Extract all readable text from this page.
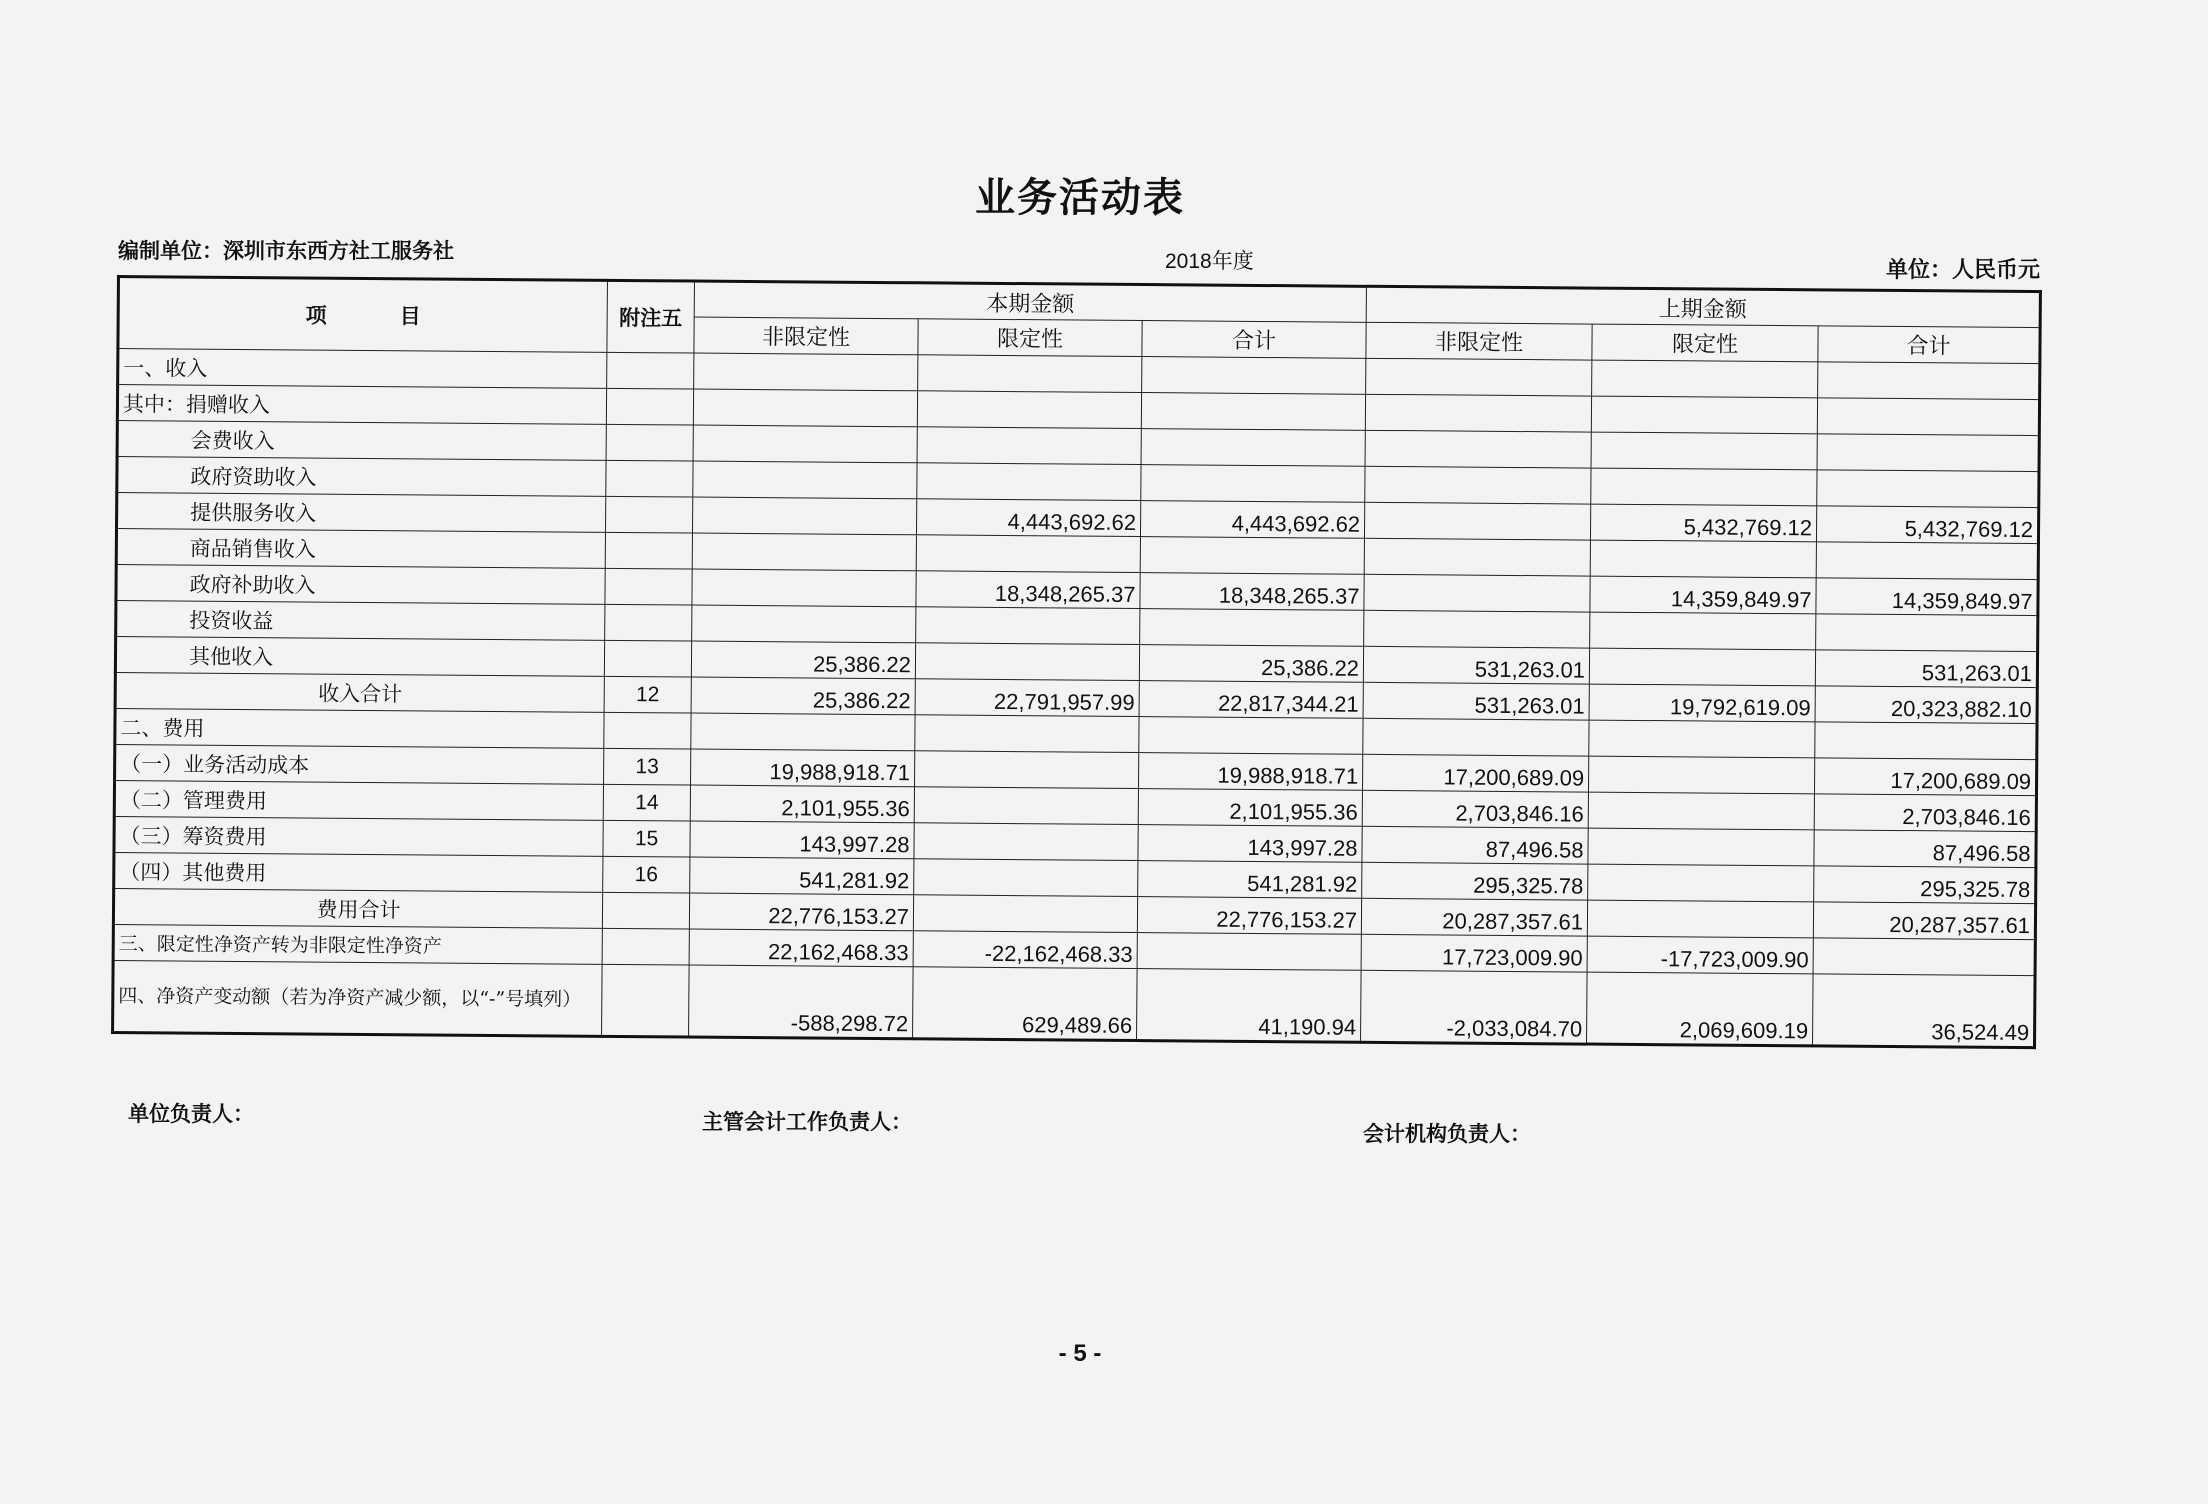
业务活动表
编制单位：深圳市东西方社工服务社	2018年度	单位：人民币元
项          目	附注五	本期金额			上期金额		
		非限定性	限定性	合计	非限定性	限定性	合计
一、收入							
其中：捐赠收入							
会费收入							
政府资助收入							
提供服务收入			4,443,692.62	4,443,692.62		5,432,769.12	5,432,769.12
商品销售收入							
政府补助收入			18,348,265.37	18,348,265.37		14,359,849.97	14,359,849.97
投资收益							
其他收入		25,386.22		25,386.22	531,263.01		531,263.01
收入合计	12	25,386.22	22,791,957.99	22,817,344.21	531,263.01	19,792,619.09	20,323,882.10
二、费用							
（一）业务活动成本	13	19,988,918.71		19,988,918.71	17,200,689.09		17,200,689.09
（二）管理费用	14	2,101,955.36		2,101,955.36	2,703,846.16		2,703,846.16
（三）筹资费用	15	143,997.28		143,997.28	87,496.58		87,496.58
（四）其他费用	16	541,281.92		541,281.92	295,325.78		295,325.78
费用合计		22,776,153.27		22,776,153.27	20,287,357.61		20,287,357.61
三、限定性净资产转为非限定性净资产		22,162,468.33	-22,162,468.33		17,723,009.90	-17,723,009.90	
四、净资产变动额（若为净资产减少额，以“-”号填列）		-588,298.72	629,489.66	41,190.94	-2,033,084.70	2,069,609.19	36,524.49
单位负责人：	主管会计工作负责人：	会计机构负责人：
- 5 -
